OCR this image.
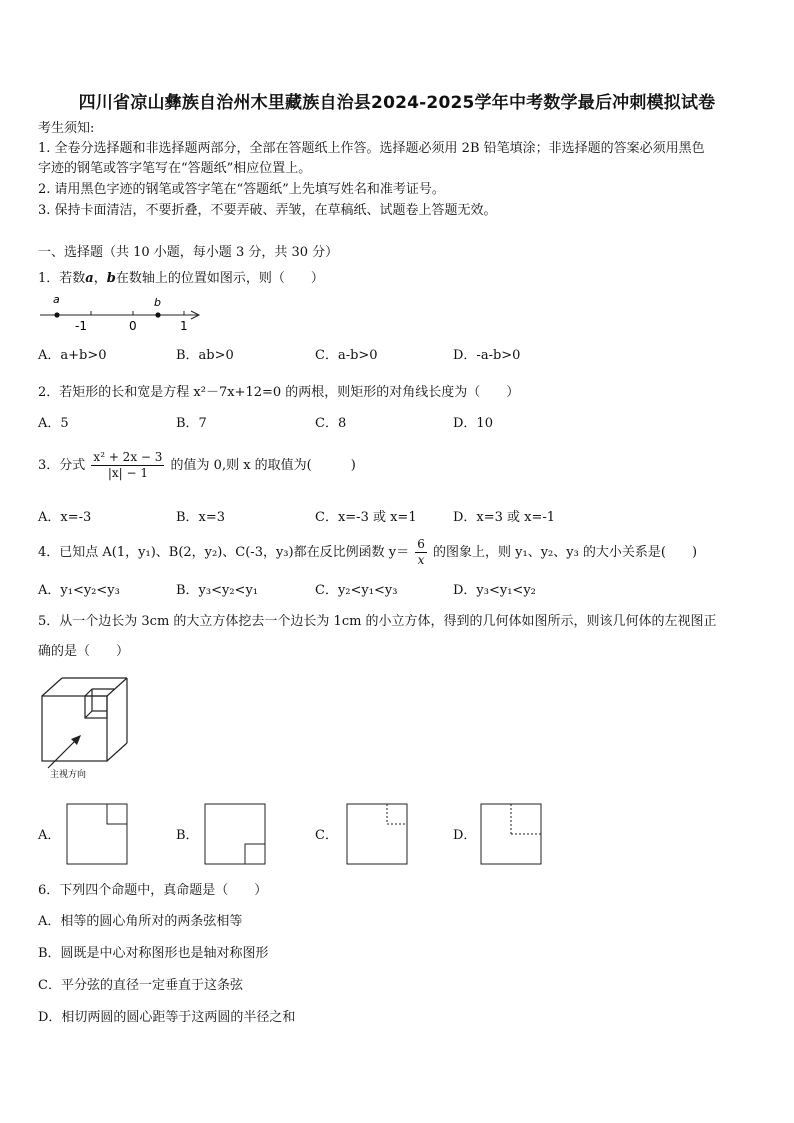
四川省凉山彝族自治州木里藏族自治县2024-2025学年中考数学最后冲刺模拟试卷
考生须知:
1. 全卷分选择题和非选择题两部分，全部在答题纸上作答。选择题必须用 2B 铅笔填涂；非选择题的答案必须用黑色
字迹的钢笔或答字笔写在“答题纸”相应位置上。
2. 请用黑色字迹的钢笔或答字笔在“答题纸”上先填写姓名和准考证号。
3. 保持卡面清洁，不要折叠，不要弄破、弄皱，在草稿纸、试题卷上答题无效。
一、选择题（共 10 小题，每小题 3 分，共 30 分）
1．若数a，b在数轴上的位置如图示，则（　　）
a	b
-1	0	1
A．a+b>0	B．ab>0	C．a-b>0	D．-a-b>0
2．若矩形的长和宽是方程 x²－7x+12=0 的两根，则矩形的对角线长度为（　　）
A．5	B．7	C．8	D．10
3．分式 $\frac{\text{x² + 2x − 3}}{|x| - 1}$ 的值为 0,则 x 的取值为(　　　)
A．x=-3	B．x=3	C．x=-3 或 x=1	D．x=3 或 x=-1
4．已知点 A(1，y₁)、B(2，y₂)、C(-3，y₃)都在反比例函数 $y= \frac{6}{x}$ 的图象上，则 y₁、y₂、y₃ 的大小关系是(　　)
A．y₁<y₂<y₃	B．y₃<y₂<y₁	C．y₂<y₁<y₃	D．y₃<y₁<y₂
5．从一个边长为 3cm 的大立方体挖去一个边长为 1cm 的小立方体，得到的几何体如图所示，则该几何体的左视图正
确的是（　　）
主视方向
A．	B．	C．	D．
6．下列四个命题中，真命题是（　　）
A．相等的圆心角所对的两条弦相等
B．圆既是中心对称图形也是轴对称图形
C．平分弦的直径一定垂直于这条弦
D．相切两圆的圆心距等于这两圆的半径之和
